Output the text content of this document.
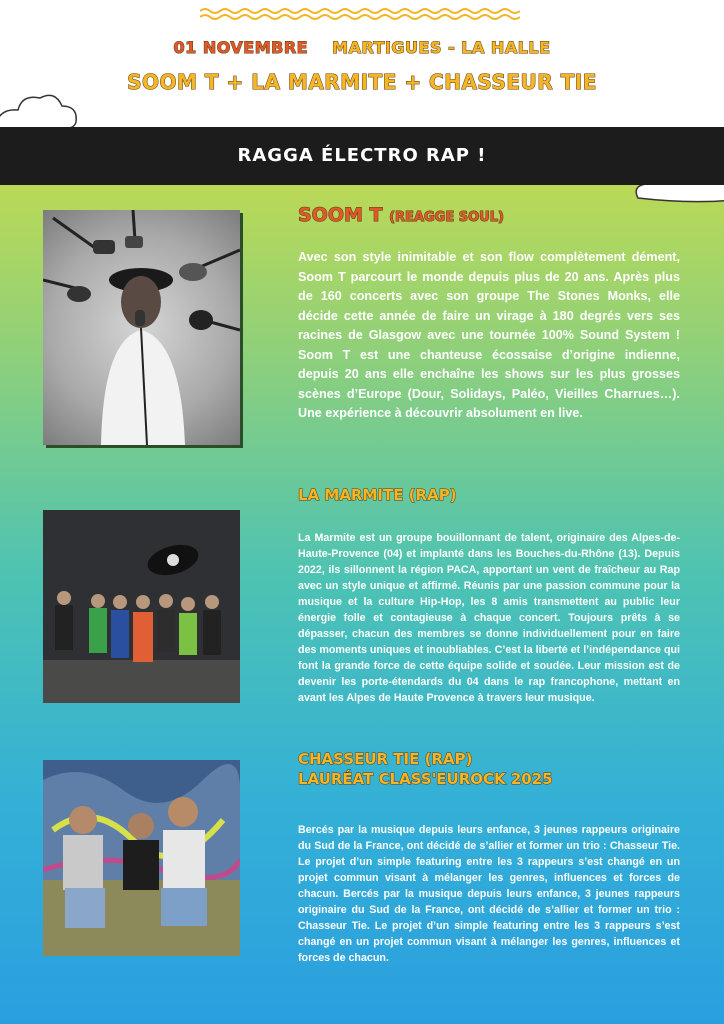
01 NOVEMBRE MARTIGUES - LA HALLE
SOOM T + LA MARMITE + CHASSEUR TIE
RAGGA ÉLECTRO RAP !
SOOM T (REAGGE SOUL)

Avec son style inimitable et son flow complètement dément, Soom T parcourt le monde depuis plus de 20 ans. Après plus de 160 concerts avec son groupe The Stones Monks, elle décide cette année de faire un virage à 180 degrés vers ses racines de Glasgow avec une tournée 100% Sound System ! Soom T est une chanteuse écossaise d’origine indienne, depuis 20 ans elle enchaîne les shows sur les plus grosses scènes d’Europe (Dour, Solidays, Paléo, Vieilles Charrues…). Une expérience à découvrir absolument en live.

LA MARMITE (RAP)

La Marmite est un groupe bouillonnant de talent, originaire des Alpes-de-Haute-Provence (04) et implanté dans les Bouches-du-Rhône (13). Depuis 2022, ils sillonnent la région PACA, apportant un vent de fraîcheur au Rap avec un style unique et affirmé. Réunis par une passion commune pour la musique et la culture Hip-Hop, les 8 amis transmettent au public leur énergie folle et contagieuse à chaque concert. Toujours prêts à se dépasser, chacun des membres se donne individuellement pour en faire des moments uniques et inoubliables. C’est la liberté et l’indépendance qui font la grande force de cette équipe solide et soudée. Leur mission est de devenir les porte-étendards du 04 dans le rap francophone, mettant en avant les Alpes de Haute Provence à travers leur musique.

CHASSEUR TIE (RAP)
LAURÉAT CLASS'EUROCK 2025

Bercés par la musique depuis leurs enfance, 3 jeunes rappeurs originaire du Sud de la France, ont décidé de s’allier et former un trio : Chasseur Tie. Le projet d’un simple featuring entre les 3 rappeurs s’est changé en un projet commun visant à mélanger les genres, influences et forces de chacun. Bercés par la musique depuis leurs enfance, 3 jeunes rappeurs originaire du Sud de la France, ont décidé de s’allier et former un trio : Chasseur Tie. Le projet d’un simple featuring entre les 3 rappeurs s’est changé en un projet commun visant à mélanger les genres, influences et forces de chacun.
